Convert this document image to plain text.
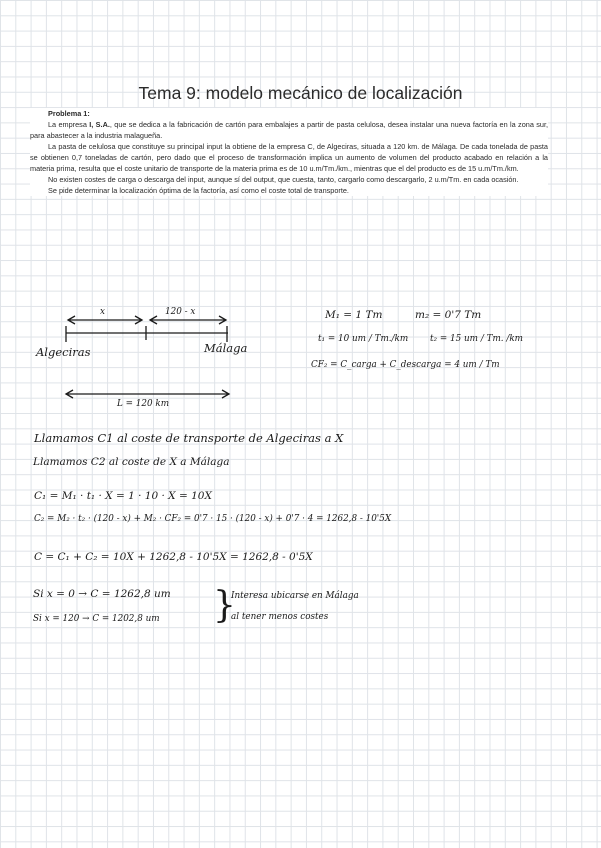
Tema 9: modelo mecánico de localización

Problema 1:

La empresa I, S.A., que se dedica a la fabricación de cartón para embalajes a partir de pasta celulosa, desea instalar una nueva factoría en la zona sur, para abastecer a la industria malagueña.

La pasta de celulosa que constituye su principal input la obtiene de la empresa C, de Algeciras, situada a 120 km. de Málaga. De cada tonelada de pasta se obtienen 0,7 toneladas de cartón, pero dado que el proceso de transformación implica un aumento de volumen del producto acabado en relación a la materia prima, resulta que el coste unitario de transporte de la materia prima es de 10 u.m/Tm./km., mientras que el del producto es de 15 u.m/Tm./km.

No existen costes de carga o descarga del input, aunque sí del output, que cuesta, tanto, cargarlo como descargarlo, 2 u.m/Tm. en cada ocasión.

Se pide determinar la localización óptima de la factoría, así como el coste total de transporte.

x	120 - x
Algeciras	Málaga
L = 120 km
M₁ = 1 Tm	m₂ = 0'7 Tm
t₁ = 10 um / Tm./km t₂ = 15 um / Tm. /km
CF₂ = C_carga + C_descarga = 4 um / Tm
Llamamos C1 al coste de transporte de Algeciras a X
Llamamos C2 al coste de X a Málaga
C₁ = M₁ · t₁ · X = 1 · 10 · X = 10X
C₂ = M₂ · t₂ · (120 - x) + M₂ · CF₂ = 0'7 · 15 · (120 - x) + 0'7 · 4 = 1262,8 - 10'5X
C = C₁ + C₂ = 10X + 1262,8 - 10'5X = 1262,8 - 0'5X
Si x = 0 → C = 1262,8 um
Si x = 120 → C = 1202,8 um }
Interesa ubicarse en Málaga
al tener menos costes
